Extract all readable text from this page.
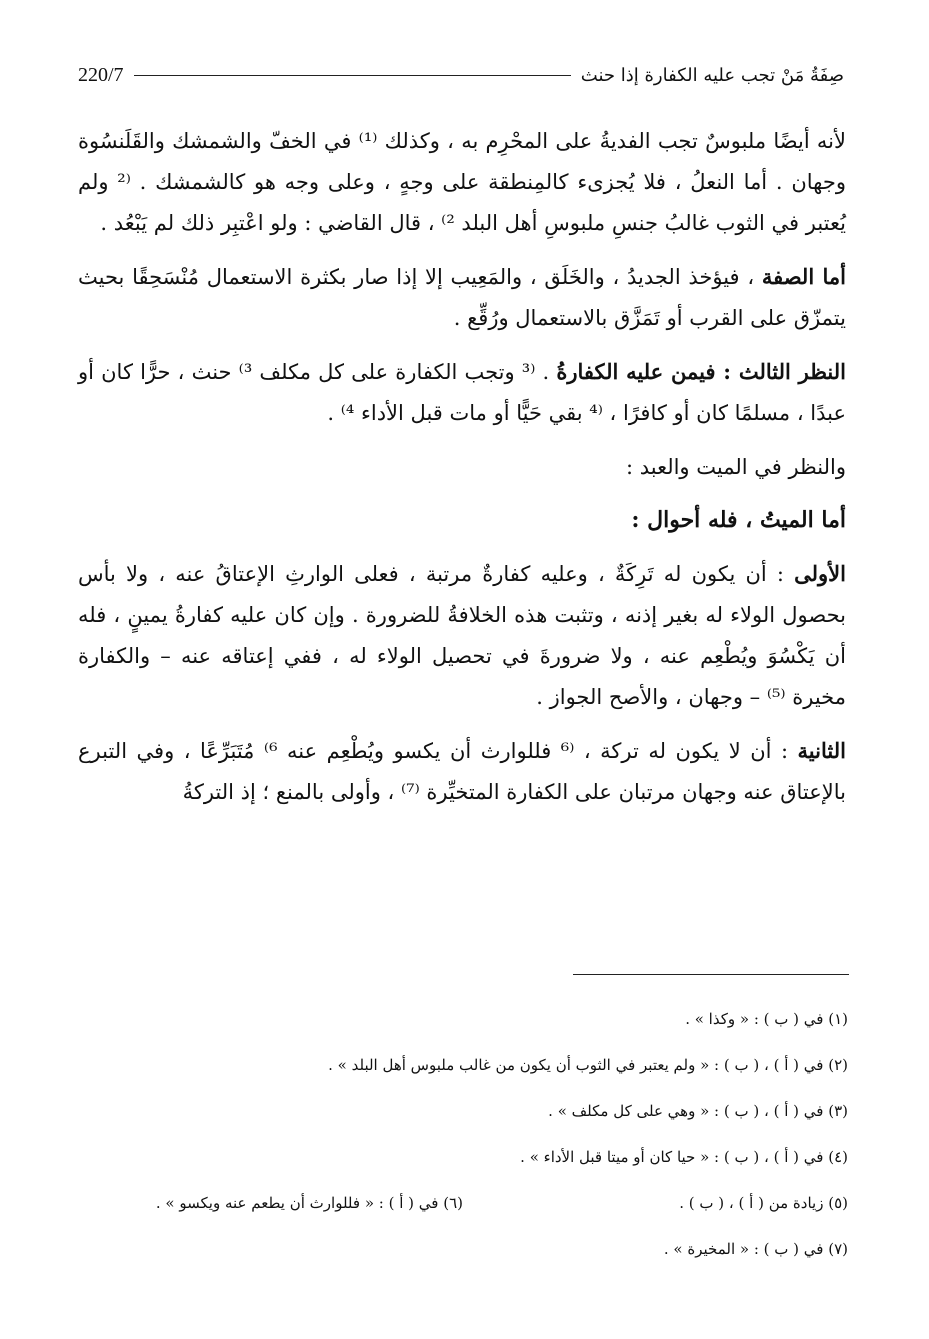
صِفَةُ مَنْ تجب عليه الكفارة إذا حنث
220/7

لأنه أيضًا ملبوسٌ تجب الفديةُ على المحْرِم به ، وكذلك ⁽¹⁾ في الخفّ والشمشك والقَلَنسُوة وجهان . أما النعلُ ، فلا يُجزىء كالمِنطقة على وجهٍ ، وعلى وجه هو كالشمشك . ⁽² ولم يُعتبر في الثوب غالبُ جنسِ ملبوسِ أهل البلد ²⁾ ، قال القاضي : ولو اعْتبِر ذلك لم يَبْعُد .

أما الصفة ، فيؤخذ الجديدُ ، والخَلَق ، والمَعِيب إلا إذا صار بكثرة الاستعمال مُنْسَحِقًا بحيث يتمزّق على القرب أو تَمَزَّق بالاستعمال ورُقِّع .

النظر الثالث : فيمن عليه الكفارةُ . ⁽³ وتجب الكفارة على كل مكلف ³⁾ حنث ، حرًّا كان أو عبدًا ، مسلمًا كان أو كافرًا ، ⁽⁴ بقي حَيًّا أو مات قبل الأداء ⁴⁾ .

والنظر في الميت والعبد :

أما الميتُ ، فله أحوال :

الأولى : أن يكون له تَرِكَةٌ ، وعليه كفارةٌ مرتبة ، فعلى الوارثِ الإعتاقُ عنه ، ولا بأس بحصول الولاء له بغير إذنه ، وتثبت هذه الخلافةُ للضرورة . وإن كان عليه كفارةُ يمينٍ ، فله أن يَكْسُوَ ويُطْعِم عنه ، ولا ضرورةَ في تحصيل الولاء له ، ففي إعتاقه عنه – والكفارة مخيرة ⁽⁵⁾ – وجهان ، والأصح الجواز .

الثانية : أن لا يكون له تركة ، ⁽⁶ فللوارث أن يكسو ويُطْعِم عنه ⁶⁾ مُتَبَرِّعًا ، وفي التبرع بالإعتاق عنه وجهان مرتبان على الكفارة المتخيِّرة ⁽⁷⁾ ، وأولى بالمنع ؛ إذ التركةُ

(١) في ( ب ) : « وكذا » .
(٢) في ( أ ) ، ( ب ) : « ولم يعتبر في الثوب أن يكون من غالب ملبوس أهل البلد » .
(٣) في ( أ ) ، ( ب ) : « وهي على كل مكلف » .
(٤) في ( أ ) ، ( ب ) : « حيا كان أو ميتا قبل الأداء » .
(٥) زيادة من ( أ ) ، ( ب ) .
(٦) في ( أ ) : « فللوارث أن يطعم عنه ويكسو » .
(٧) في ( ب ) : « المخيرة » .
